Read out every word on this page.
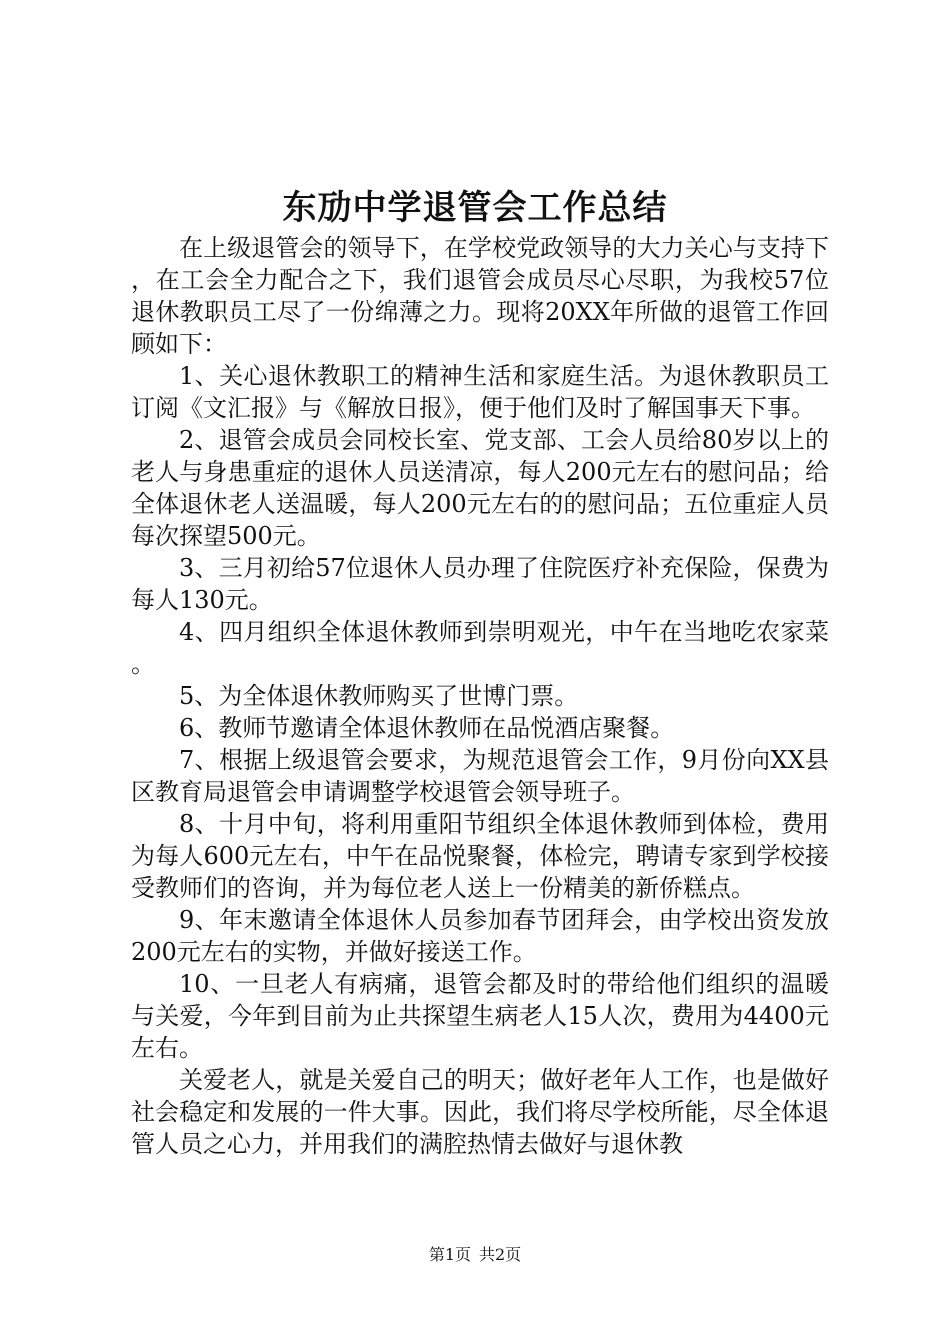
东劢中学退管会工作总结

在上级退管会的领导下，在学校党政领导的大力关心与支持下，在工会全力配合之下，我们退管会成员尽心尽职，为我校57位退休教职员工尽了一份绵薄之力。现将20XX年所做的退管工作回顾如下：

1、关心退休教职工的精神生活和家庭生活。为退休教职员工订阅《文汇报》与《解放日报》，便于他们及时了解国事天下事。

2、退管会成员会同校长室、党支部、工会人员给80岁以上的老人与身患重症的退休人员送清凉，每人200元左右的慰问品；给全体退休老人送温暖，每人200元左右的的慰问品；五位重症人员每次探望500元。

3、三月初给57位退休人员办理了住院医疗补充保险，保费为每人130元。

4、四月组织全体退休教师到崇明观光，中午在当地吃农家菜。

5、为全体退休教师购买了世博门票。

6、教师节邀请全体退休教师在品悦酒店聚餐。

7、根据上级退管会要求，为规范退管会工作，9月份向XX县区教育局退管会申请调整学校退管会领导班子。

8、十月中旬，将利用重阳节组织全体退休教师到体检，费用为每人600元左右，中午在品悦聚餐，体检完，聘请专家到学校接受教师们的咨询，并为每位老人送上一份精美的新侨糕点。

9、年末邀请全体退休人员参加春节团拜会，由学校出资发放200元左右的实物，并做好接送工作。

10、一旦老人有病痛，退管会都及时的带给他们组织的温暖与关爱，今年到目前为止共探望生病老人15人次，费用为4400元左右。

关爱老人，就是关爱自己的明天；做好老年人工作，也是做好社会稳定和发展的一件大事。因此，我们将尽学校所能，尽全体退管人员之心力，并用我们的满腔热情去做好与退休教

第1页 共2页
